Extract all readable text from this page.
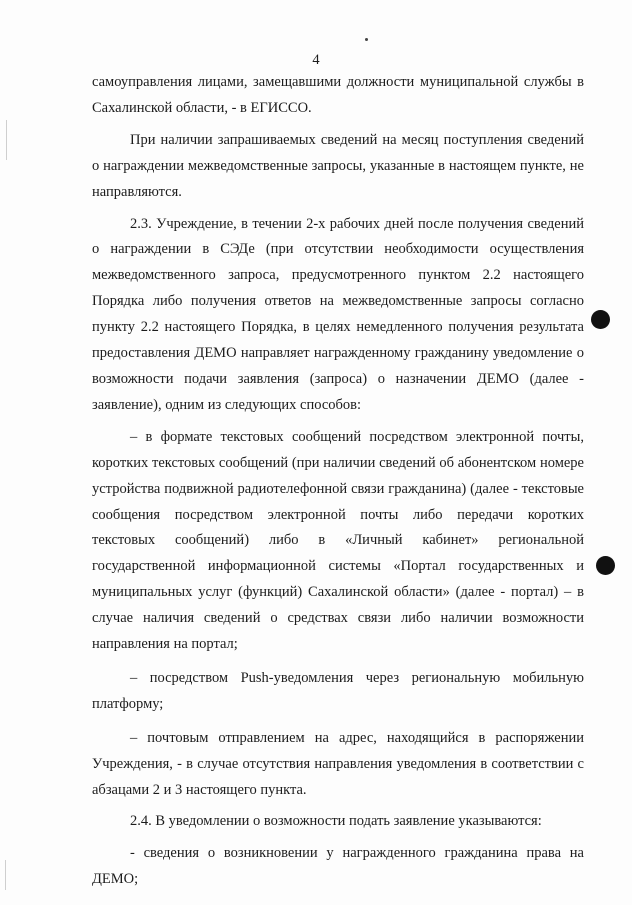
4

самоуправления лицами, замещавшими должности муниципальной службы в Сахалинской области, - в ЕГИССО.

При наличии запрашиваемых сведений на месяц поступления сведений о награждении межведомственные запросы, указанные в настоящем пункте, не направляются.

2.3. Учреждение, в течении 2-х рабочих дней после получения сведений о награждении в СЭДе (при отсутствии необходимости осуществления межведомственного запроса, предусмотренного пунктом 2.2 настоящего Порядка либо получения ответов на межведомственные запросы согласно пункту 2.2 настоящего Порядка, в целях немедленного получения результата предоставления ДЕМО направляет награжденному гражданину уведомление о возможности подачи заявления (запроса) о назначении ДЕМО (далее - заявление), одним из следующих способов:

– в формате текстовых сообщений посредством электронной почты, коротких текстовых сообщений (при наличии сведений об абонентском номере устройства подвижной радиотелефонной связи гражданина) (далее - текстовые сообщения посредством электронной почты либо передачи коротких текстовых сообщений) либо в «Личный кабинет» региональной государственной информационной системы «Портал государственных и муниципальных услуг (функций) Сахалинской области» (далее - портал) – в случае наличия сведений о средствах связи либо наличии возможности направления на портал;

– посредством Push-уведомления через региональную мобильную платформу;

– почтовым отправлением на адрес, находящийся в распоряжении Учреждения, - в случае отсутствия направления уведомления в соответствии с абзацами 2 и 3 настоящего пункта.

2.4. В уведомлении о возможности подать заявление указываются:

- сведения о возникновении у награжденного гражданина права на ДЕМО;
